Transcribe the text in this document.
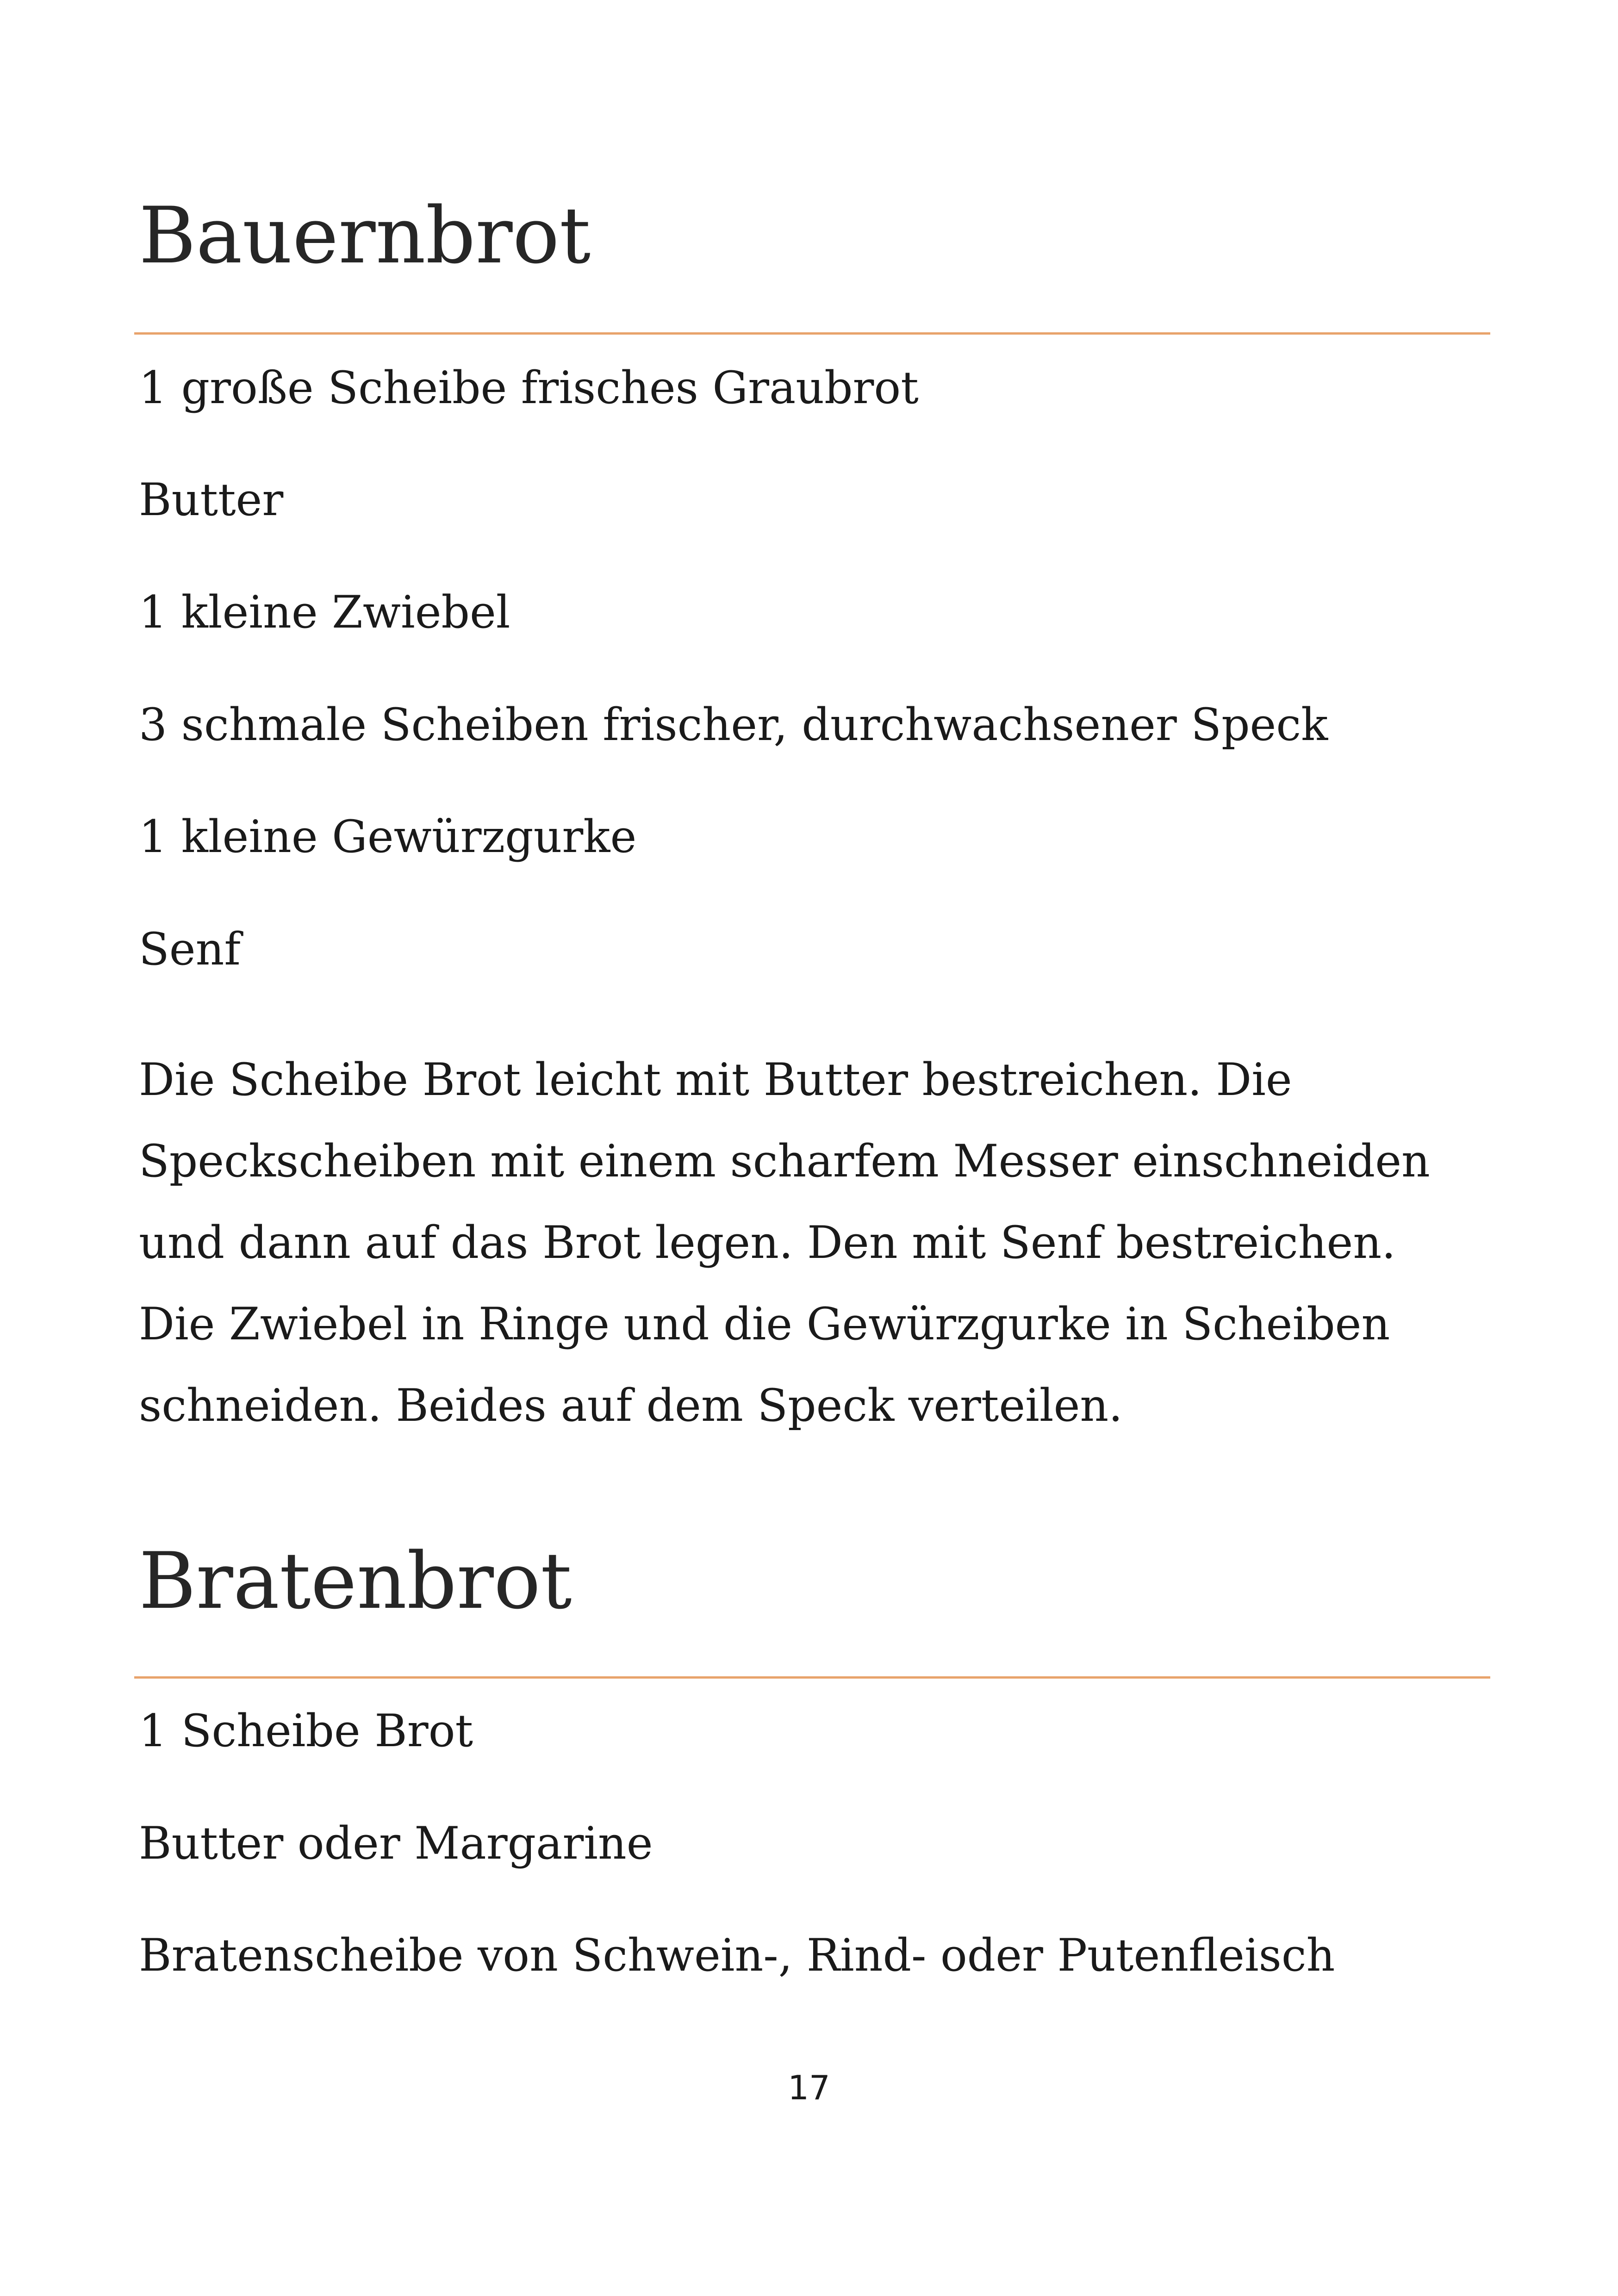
Bauernbrot

1 große Scheibe frisches Graubrot

Butter

1 kleine Zwiebel

3 schmale Scheiben frischer, durchwachsener Speck

1 kleine Gewürzgurke

Senf

Die Scheibe Brot leicht mit Butter bestreichen. Die
Speckscheiben mit einem scharfem Messer einschneiden
und dann auf das Brot legen. Den mit Senf bestreichen.
Die Zwiebel in Ringe und die Gewürzgurke in Scheiben
schneiden. Beides auf dem Speck verteilen.
Bratenbrot

1 Scheibe Brot

Butter oder Margarine

Bratenscheibe von Schwein-, Rind- oder Putenfleisch

17
